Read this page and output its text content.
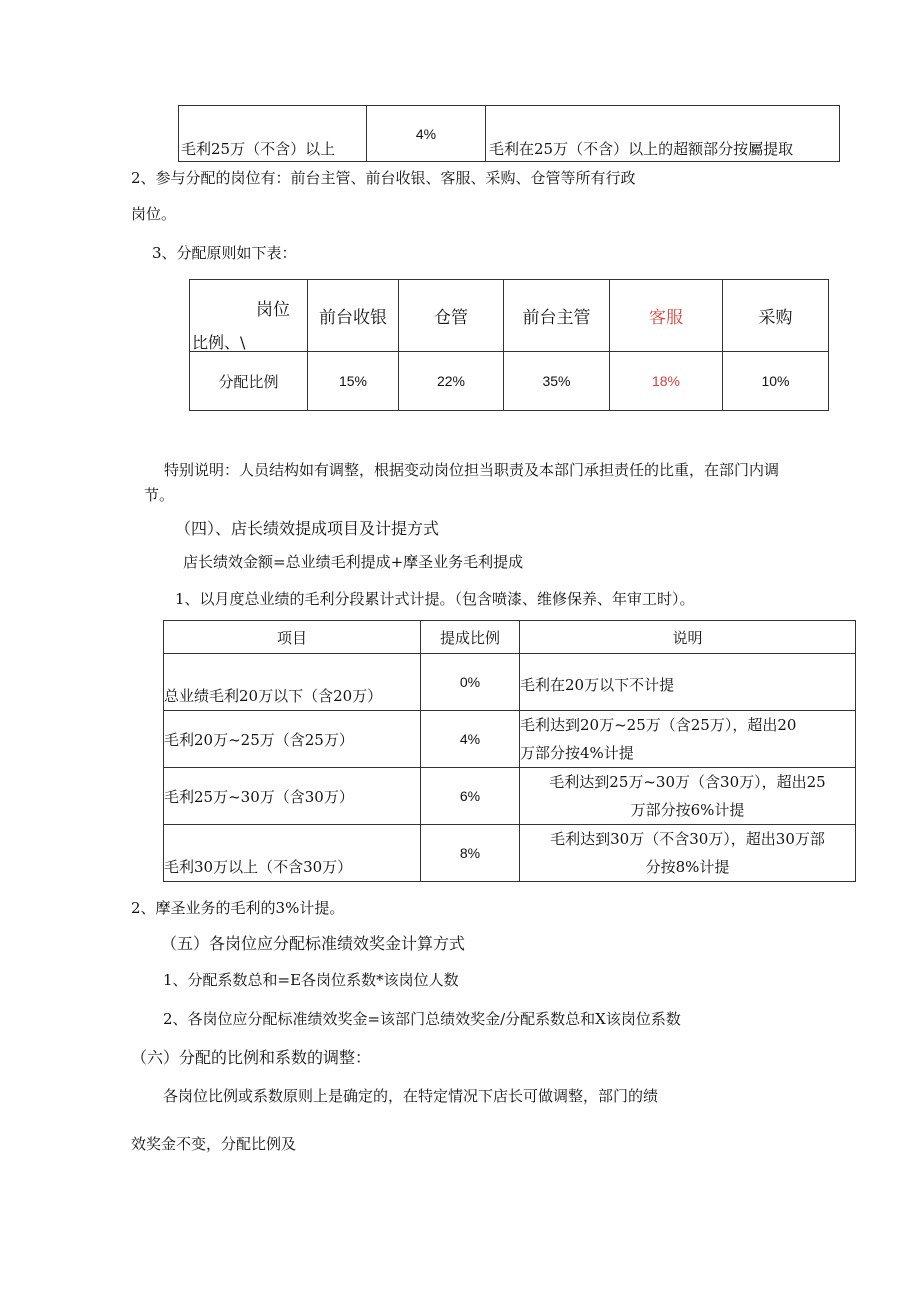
毛利25万（不含）以上	4%	毛利在25万（不含）以上的超额部分按屬提取
2、参与分配的岗位有：前台主管、前台收银、客服、采购、仓管等所有行政
岗位。
3、分配原则如下表：
岗位
比例、\	前台收银	仓管	前台主管	客服	采购
分配比例	15%	22%	35%	18%	10%
特别说明：人员结构如有调整，根据变动岗位担当职责及本部门承担责任的比重，在部门内调
节。
（四）、店长绩效提成项目及计提方式
店长绩效金额=总业绩毛利提成+摩圣业务毛利提成
1、以月度总业绩的毛利分段累计式计提。（包含喷漆、维修保养、年审工时）。
项目	提成比例	说明
总业绩毛利20万以下（含20万）	0%	毛利在20万以下不计提

毛利20万~25万（含25万）	4%	毛利达到20万~25万（含25万），超出20
万部分按4%计提

毛利25万~30万（含30万）	6%	毛利达到25万~30万（含30万），超出25
万部分按6%计提

毛利30万以上（不含30万）	8%	毛利达到30万（不含30万），超出30万部
分按8%计提
2、摩圣业务的毛利的3%计提。
（五）各岗位应分配标准绩效奖金计算方式
1、分配系数总和=E各岗位系数*该岗位人数
2、各岗位应分配标准绩效奖金=该部门总绩效奖金/分配系数总和X该岗位系数
（六）分配的比例和系数的调整：
各岗位比例或系数原则上是确定的，在特定情况下店长可做调整，部门的绩
效奖金不变，分配比例及
